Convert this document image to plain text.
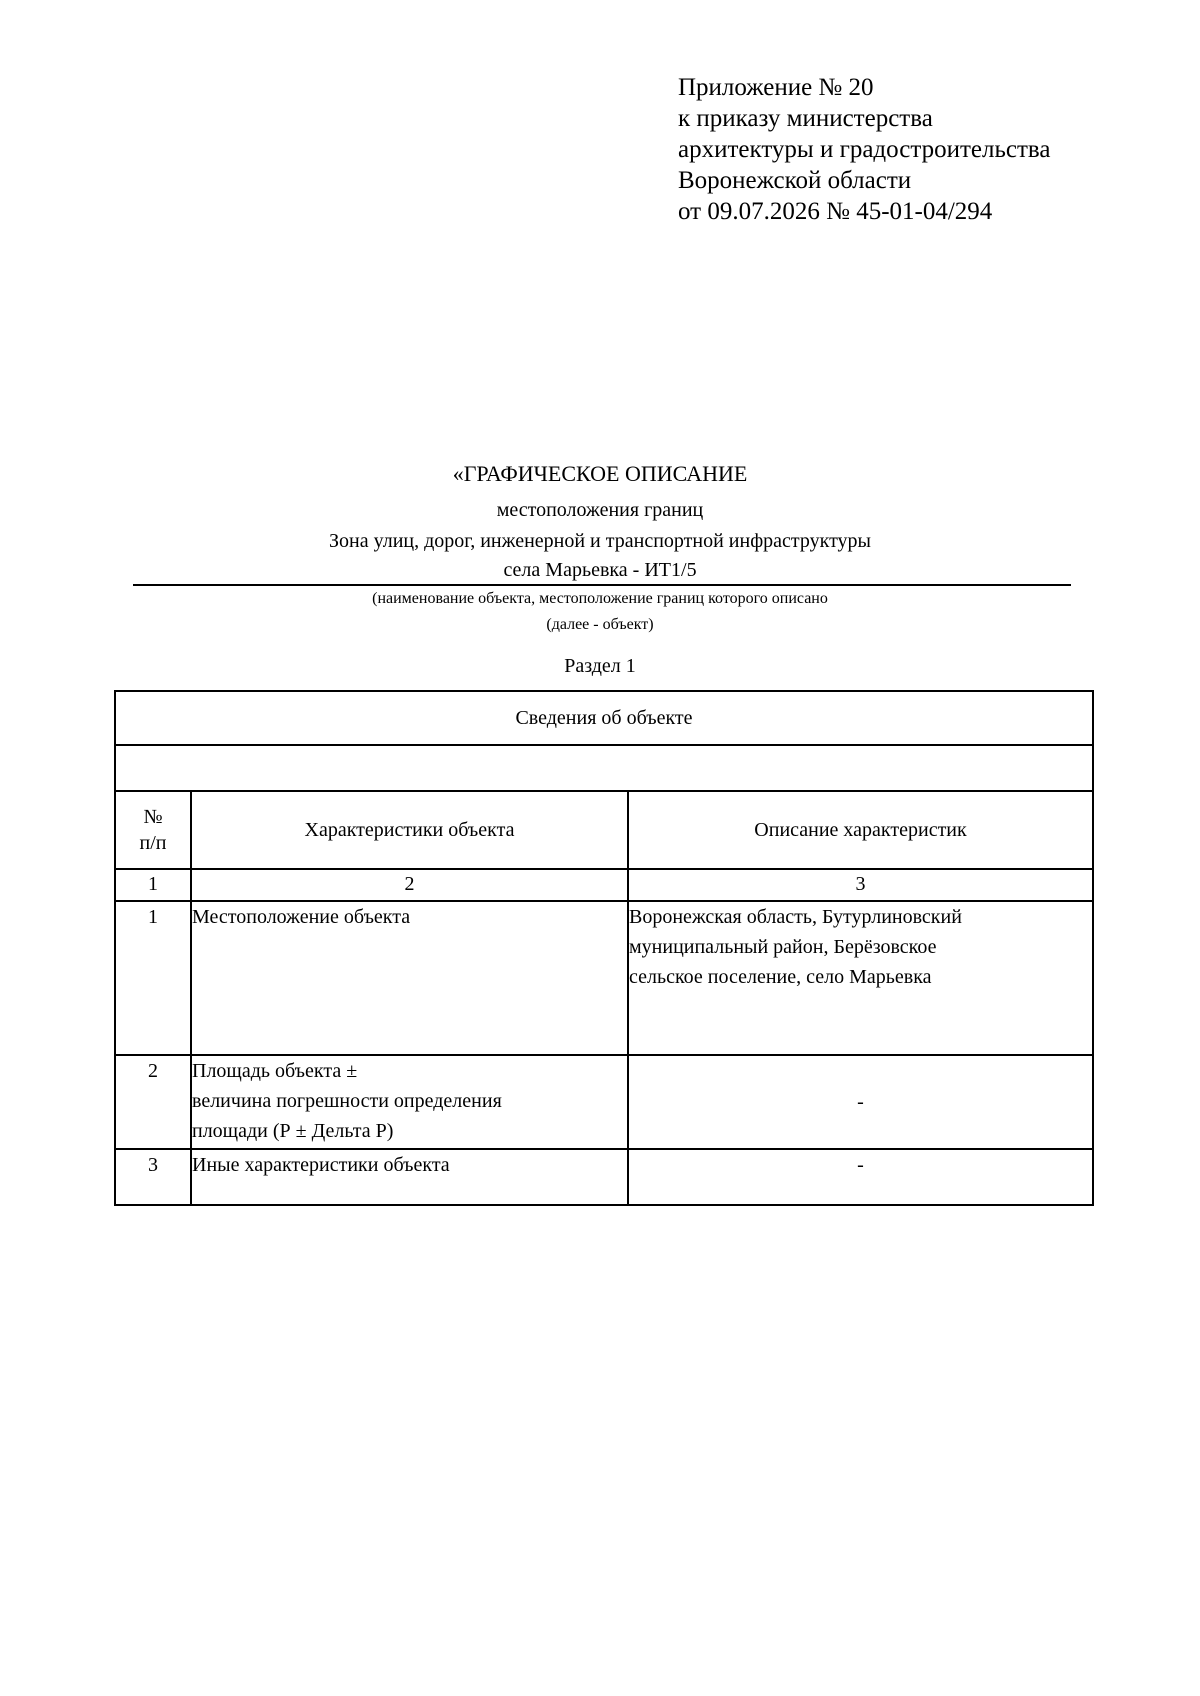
Приложение № 20
к приказу министерства
архитектуры и градостроительства
Воронежской области
от 09.07.2026 № 45-01-04/294
«ГРАФИЧЕСКОЕ ОПИСАНИЕ
местоположения границ
Зона улиц, дорог, инженерной и транспортной инфраструктуры
села Марьевка - ИТ1/5
(наименование объекта, местоположение границ которого описано
(далее - объект)
Раздел 1
Сведения об объекте		

№
п/п	Характеристики объекта	Описание характеристик
1	2	3
1	Местоположение объекта	Воронежская область, Бутурлиновский
муниципальный район, Берёзовское
сельское поселение, село Марьевка

2	Площадь объекта ±
величина погрешности определения
площади (Р ± Дельта Р)	-
3	Иные характеристики объекта	-
